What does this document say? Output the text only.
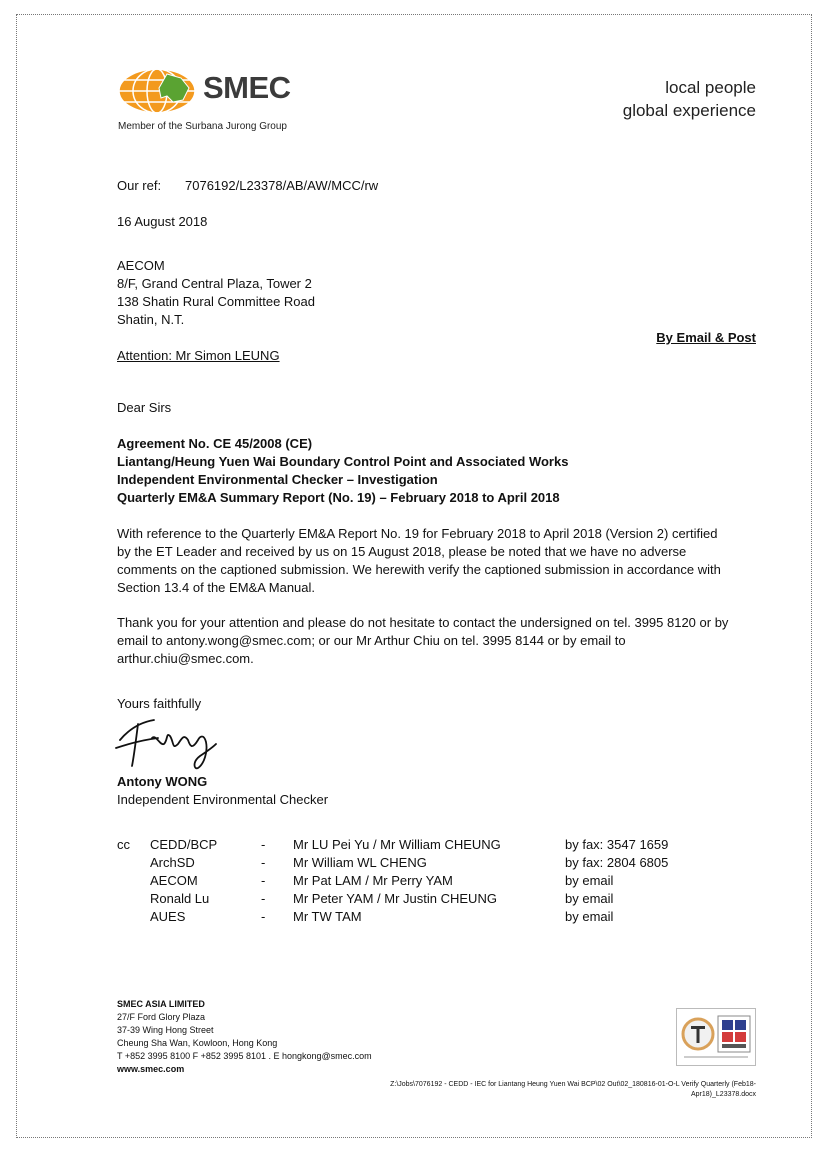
SMEC
Member of the Surbana Jurong Group
local people
global experience
Our ref: 7076192/L23378/AB/AW/MCC/rw
16 August 2018
AECOM
8/F, Grand Central Plaza, Tower 2
138 Shatin Rural Committee Road
Shatin, N.T.
By Email & Post
Attention: Mr Simon LEUNG
Dear Sirs
Agreement No. CE 45/2008 (CE)
Liantang/Heung Yuen Wai Boundary Control Point and Associated Works
Independent Environmental Checker – Investigation
Quarterly EM&A Summary Report (No. 19) – February 2018 to April 2018
With reference to the Quarterly EM&A Report No. 19 for February 2018 to April 2018 (Version 2) certified
by the ET Leader and received by us on 15 August 2018, please be noted that we have no adverse
comments on the captioned submission. We herewith verify the captioned submission in accordance with
Section 13.4 of the EM&A Manual.
Thank you for your attention and please do not hesitate to contact the undersigned on tel. 3995 8120 or by
email to antony.wong@smec.com; or our Mr Arthur Chiu on tel. 3995 8144 or by email to
arthur.chiu@smec.com.
Yours faithfully
Antony WONG
Independent Environmental Checker
cc CEDD/BCP	- Mr LU Pei Yu / Mr William CHEUNG	by fax: 3547 1659
ArchSD	- Mr William WL CHENG	by fax: 2804 6805
AECOM	- Mr Pat LAM / Mr Perry YAM	by email
Ronald Lu	- Mr Peter YAM / Mr Justin CHEUNG	by email
AUES	- Mr TW TAM	by email
SMEC ASIA LIMITED
27/F Ford Glory Plaza
37-39 Wing Hong Street
Cheung Sha Wan, Kowloon, Hong Kong
T +852 3995 8100 F +852 3995 8101 . E hongkong@smec.com
www.smec.com
Z:\Jobs\7076192 - CEDD - IEC for Liantang Heung Yuen Wai BCP\02 Out\02_180816-01-O-L Verify Quarterly (Feb18-
Apr18)_L23378.docx
